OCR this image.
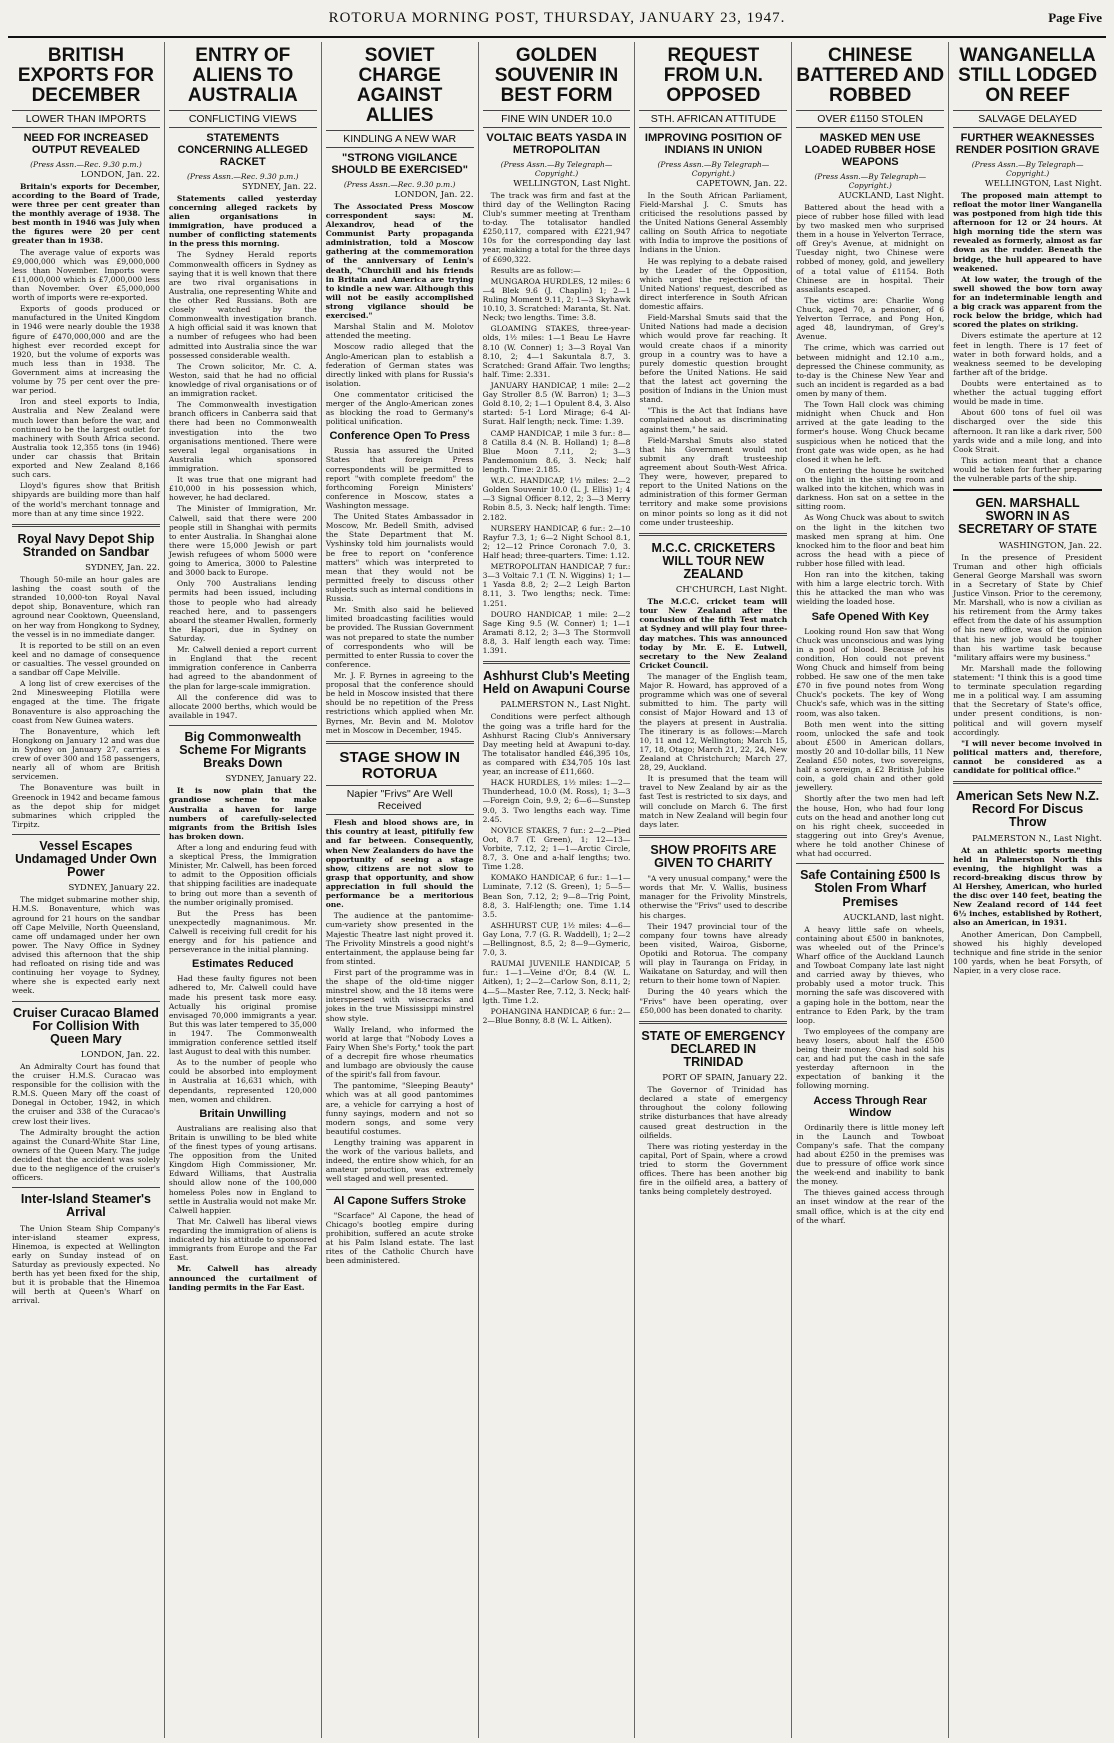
ROTORUA MORNING POST, THURSDAY, JANUARY 23, 1947.	Page Five
BRITISH EXPORTS FOR DECEMBER
LOWER THAN IMPORTS
NEED FOR INCREASED OUTPUT REVEALED
(Press Assn.—Rec. 9.30 p.m.)
LONDON, Jan. 22.

Britain's exports for December, according to the Board of Trade, were three per cent greater than the monthly average of 1938. The best month in 1946 was July when the figures were 20 per cent greater than in 1938.

The average value of exports was £9,000,000 which was £9,000,000 less than November. Imports were £11,000,000 which is £7,000,000 less than November. Over £5,000,000 worth of imports were re-exported.

Exports of goods produced or manufactured in the United Kingdom in 1946 were nearly double the 1938 figure of £470,000,000 and are the highest ever recorded except for 1920, but the volume of exports was much less than in 1938. The Government aims at increasing the volume by 75 per cent over the pre-war period.

Iron and steel exports to India, Australia and New Zealand were much lower than before the war, and continued to be the largest outlet for machinery with South Africa second. Australia took 12,355 tons (in 1946) under car chassis that Britain exported and New Zealand 8,166 such cars.

Lloyd's figures show that British shipyards are building more than half of the world's merchant tonnage and more than at any time since 1922.

Royal Navy Depot Ship Stranded on Sandbar
SYDNEY, Jan. 22.

Though 50-mile an hour gales are lashing the coast south of the stranded 10,000-ton Royal Naval depot ship, Bonaventure, which ran aground near Cooktown, Queensland, on her way from Hongkong to Sydney, the vessel is in no immediate danger.

It is reported to be still on an even keel and no damage of consequence or casualties. The vessel grounded on a sandbar off Cape Melville.

A long list of crew exercises of the 2nd Minesweeping Flotilla were engaged at the time. The frigate Bonaventure is also approaching the coast from New Guinea waters.

The Bonaventure, which left Hongkong on January 12 and was due in Sydney on January 27, carries a crew of over 300 and 158 passengers, nearly all of whom are British servicemen.

The Bonaventure was built in Greenock in 1942 and became famous as the depot ship for midget submarines which crippled the Tirpitz.

Vessel Escapes Undamaged Under Own Power
SYDNEY, January 22.

The midget submarine mother ship, H.M.S. Bonaventure, which was aground for 21 hours on the sandbar off Cape Melville, North Queensland, came off undamaged under her own power. The Navy Office in Sydney advised this afternoon that the ship had refloated on rising tide and was continuing her voyage to Sydney, where she is expected early next week.

Cruiser Curacao Blamed For Collision With Queen Mary
LONDON, Jan. 22.

An Admiralty Court has found that the cruiser H.M.S. Curacao was responsible for the collision with the R.M.S. Queen Mary off the coast of Donegal in October, 1942, in which the cruiser and 338 of the Curacao's crew lost their lives.

The Admiralty brought the action against the Cunard-White Star Line, owners of the Queen Mary. The judge decided that the accident was solely due to the negligence of the cruiser's officers.

Inter-Island Steamer's Arrival

The Union Steam Ship Company's inter-island steamer express, Hinemoa, is expected at Wellington early on Sunday instead of on Saturday as previously expected. No berth has yet been fixed for the ship, but it is probable that the Hinemoa will berth at Queen's Wharf on arrival.

ENTRY OF ALIENS TO AUSTRALIA
CONFLICTING VIEWS
STATEMENTS CONCERNING ALLEGED RACKET
(Press Assn.—Rec. 9.30 p.m.)
SYDNEY, Jan. 22.

Statements called yesterday concerning alleged rackets by alien organisations in immigration, have produced a number of conflicting statements in the press this morning.

The Sydney Herald reports Commonwealth officers in Sydney as saying that it is well known that there are two rival organisations in Australia, one representing White and the other Red Russians. Both are closely watched by the Commonwealth investigation branch. A high official said it was known that a number of refugees who had been admitted into Australia since the war possessed considerable wealth.

The Crown solicitor, Mr. C. A. Weston, said that he had no official knowledge of rival organisations or of an immigration racket.

The Commonwealth investigation branch officers in Canberra said that there had been no Commonwealth investigation into the two organisations mentioned. There were several legal organisations in Australia which sponsored immigration.

It was true that one migrant had £10,000 in his possession which, however, he had declared.

The Minister of Immigration, Mr. Calwell, said that there were 200 people still in Shanghai with permits to enter Australia. In Shanghai alone there were 15,000 Jewish or part Jewish refugees of whom 5000 were going to America, 3000 to Palestine and 3000 back to Europe.

Only 700 Australians lending permits had been issued, including those to people who had already reached here, and to passengers aboard the steamer Hwallen, formerly the Hapori, due in Sydney on Saturday.

Mr. Calwell denied a report current in England that the recent immigration conference in Canberra had agreed to the abandonment of the plan for large-scale immigration.

All the conference did was to allocate 2000 berths, which would be available in 1947.

Big Commonwealth Scheme For Migrants Breaks Down
SYDNEY, January 22.

It is now plain that the grandiose scheme to make Australia a haven for large numbers of carefully-selected migrants from the British Isles has broken down.

After a long and enduring feud with a skeptical Press, the Immigration Minister, Mr. Calwell, has been forced to admit to the Opposition officials that shipping facilities are inadequate to bring out more than a seventh of the number originally promised.

But the Press has been unexpectedly magnanimous. Mr. Calwell is receiving full credit for his energy and for his patience and perseverance in the initial planning.

Estimates Reduced

Had these faulty figures not been adhered to, Mr. Calwell could have made his present task more easy. Actually his original promise envisaged 70,000 immigrants a year. But this was later tempered to 35,000 in 1947. The Commonwealth immigration conference settled itself last August to deal with this number.

As to the number of people who could be absorbed into employment in Australia at 16,631 which, with dependants, represented 120,000 men, women and children.

Britain Unwilling

Australians are realising also that Britain is unwilling to be bled white of the finest types of young artisans. The opposition from the United Kingdom High Commissioner, Mr. Edward Williams, that Australia should allow none of the 100,000 homeless Poles now in England to settle in Australia would not make Mr. Calwell happier.

That Mr. Calwell has liberal views regarding the immigration of aliens is indicated by his attitude to sponsored immigrants from Europe and the Far East.

Mr. Calwell has already announced the curtailment of landing permits in the Far East.

SOVIET CHARGE AGAINST ALLIES
KINDLING A NEW WAR
"STRONG VIGILANCE SHOULD BE EXERCISED"
(Press Assn.—Rec. 9.30 p.m.)
LONDON, Jan. 22.

The Associated Press Moscow correspondent says: M. Alexandrov, head of the Communist Party propaganda administration, told a Moscow gathering at the commemoration of the anniversary of Lenin's death, "Churchill and his friends in Britain and America are trying to kindle a new war. Although this will not be easily accomplished strong vigilance should be exercised."

Marshal Stalin and M. Molotov attended the meeting.

Moscow radio alleged that the Anglo-American plan to establish a federation of German states was directly linked with plans for Russia's isolation.

One commentator criticised the merger of the Anglo-American zones as blocking the road to Germany's political unification.

Conference Open To Press

Russia has assured the United States that foreign Press correspondents will be permitted to report "with complete freedom" the forthcoming Foreign Ministers' conference in Moscow, states a Washington message.

The United States Ambassador in Moscow, Mr. Bedell Smith, advised the State Department that M. Vyshinsky told him journalists would be free to report on "conference matters" which was interpreted to mean that they would not be permitted freely to discuss other subjects such as internal conditions in Russia.

Mr. Smith also said he believed limited broadcasting facilities would be provided. The Russian Government was not prepared to state the number of correspondents who will be permitted to enter Russia to cover the conference.

Mr. J. F. Byrnes in agreeing to the proposal that the conference should be held in Moscow insisted that there should be no repetition of the Press restrictions which applied when Mr. Byrnes, Mr. Bevin and M. Molotov met in Moscow in December, 1945.

STAGE SHOW IN ROTORUA
Napier "Frivs" Are Well Received

Flesh and blood shows are, in this country at least, pitifully few and far between. Consequently, when New Zealanders do have the opportunity of seeing a stage show, citizens are not slow to grasp that opportunity, and show appreciation in full should the performance be a meritorious one.

The audience at the pantomime-cum-variety show presented in the Majestic Theatre last night proved it. The Frivolity Minstrels a good night's entertainment, the applause being far from stinted.

First part of the programme was in the shape of the old-time nigger minstrel show, and the 18 items were interspersed with wisecracks and jokes in the true Mississippi minstrel show style.

Wally Ireland, who informed the world at large that "Nobody Loves a Fairy When She's Forty," took the part of a decrepit fire whose rheumatics and lumbago are obviously the cause of the spirit's fall from favour.

The pantomime, "Sleeping Beauty" which was at all good pantomimes are, a vehicle for carrying a host of funny sayings, modern and not so modern songs, and some very beautiful costumes.

Lengthy training was apparent in the work of the various ballets, and indeed, the entire show which, for an amateur production, was extremely well staged and well presented.

Al Capone Suffers Stroke

"Scarface" Al Capone, the head of Chicago's bootleg empire during prohibition, suffered an acute stroke at his Palm Island estate. The last rites of the Catholic Church have been administered.

GOLDEN SOUVENIR IN BEST FORM
FINE WIN UNDER 10.0
VOLTAIC BEATS YASDA IN METROPOLITAN
(Press Assn.—By Telegraph—Copyright.)
WELLINGTON, Last Night.

The track was firm and fast at the third day of the Wellington Racing Club's summer meeting at Trentham to-day. The totalisator handled £250,117, compared with £221,947 10s for the corresponding day last year, making a total for the three days of £690,322.

Results are as follow:—

MUNGAROA HURDLES, 12 miles: 6—4 Blek 9.6 (J. Chaplin) 1; 2—1 Ruling Moment 9.11, 2; 1—3 Skyhawk 10.10, 3. Scratched: Maranta, St. Nat. Neck; two lengths. Time: 3.8.

GLOAMING STAKES, three-year-olds, 1½ miles: 1—1 Beau Le Havre 8.10 (W. Conner) 1; 3—3 Royal Van 8.10, 2; 4—1 Sakuntala 8.7, 3. Scratched: Grand Affair. Two lengths; half. Time: 2.331.

JANUARY HANDICAP, 1 mile: 2—2 Gay Stroller 8.5 (W. Barron) 1; 3—3 Gold 8.10, 2; 1—1 Opulent 8.4, 3. Also started: 5-1 Lord Mirage; 6-4 Al-Surat. Half length; neck. Time: 1.39.

CAMP HANDICAP, 1 mile 3 fur.: 8—8 Catilla 8.4 (N. B. Holland) 1; 8—8 Blue Moon 7.11, 2; 3—3 Pandemonium 8.6, 3. Neck; half length. Time: 2.185.

W.R.C. HANDICAP, 1½ miles: 2—2 Golden Souvenir 10.0 (L. J. Ellis) 1; 4—3 Signal Officer 8.12, 2; 3—3 Merry Robin 8.5, 3. Neck; half length. Time: 2.182.

NURSERY HANDICAP, 6 fur.: 2—10 Rayfur 7.3, 1; 6—2 Night School 8.1, 2; 12—12 Prince Coronach 7.0, 3. Half head; three-quarters. Time: 1.12.

METROPOLITAN HANDICAP, 7 fur.: 3—3 Voltaic 7.1 (T. N. Wiggins) 1; 1—1 Yasda 8.8, 2; 2—2 Leigh Barton 8.11, 3. Two lengths; neck. Time: 1.251.

DOURO HANDICAP, 1 mile: 2—2 Sage King 9.5 (W. Conner) 1; 1—1 Aramati 8.12, 2; 3—3 The Stormvoll 8.8, 3. Half length each way. Time: 1.391.

Ashhurst Club's Meeting Held on Awapuni Course
PALMERSTON N., Last Night.

Conditions were perfect although the going was a trifle hard for the Ashhurst Racing Club's Anniversary Day meeting held at Awapuni to-day. The totalisator handled £46,395 10s, as compared with £34,705 10s last year, an increase of £11,660.

HACK HURDLES, 1½ miles: 1—2—Thunderhead, 10.0 (M. Ross), 1; 3—3—Foreign Coin, 9.9, 2; 6—6—Sunstep 9.0, 3. Two lengths each way. Time 2.45.

NOVICE STAKES, 7 fur.: 2—2—Pied Oot, 8.7 (T. Green), 1; 12—13—Vorbite, 7.12, 2; 1—1—Arctic Circle, 8.7, 3. One and a-half lengths; two. Time 1.28.

KOMAKO HANDICAP, 6 fur.: 1—1—Luminate, 7.12 (S. Green), 1; 5—5—Bean Son, 7.12, 2; 9—8—Trig Point, 8.8, 3. Half-length; one. Time 1.14 3.5.

ASHHURST CUP, 1½ miles: 4—6—Gay Lona, 7.7 (G. R. Waddell), 1; 2—2—Bellingnost, 8.5, 2; 8—9—Gymeric, 7.0, 3.

RAUMAI JUVENILE HANDICAP, 5 fur.: 1—1—Veine d'Or, 8.4 (W. L. Aitken), 1; 2—2—Carlow Son, 8.11, 2; 4—5—Master Ree, 7.12, 3. Neck; half-lgth. Time 1.2.

POHANGINA HANDICAP, 6 fur.: 2—2—Blue Bonny, 8.8 (W. L. Aitken).

REQUEST FROM U.N. OPPOSED
STH. AFRICAN ATTITUDE
IMPROVING POSITION OF INDIANS IN UNION
(Press Assn.—By Telegraph—Copyright.)
CAPETOWN, Jan. 22.

In the South African Parliament, Field-Marshal J. C. Smuts has criticised the resolutions passed by the United Nations General Assembly calling on South Africa to negotiate with India to improve the positions of Indians in the Union.

He was replying to a debate raised by the Leader of the Opposition, which urged the rejection of the United Nations' request, described as direct interference in South African domestic affairs.

Field-Marshal Smuts said that the United Nations had made a decision which would prove far reaching. It would create chaos if a minority group in a country was to have a purely domestic question brought before the United Nations. He said that the latest act governing the position of Indians in the Union must stand.

"This is the Act that Indians have complained about as discriminating against them," he said.

Field-Marshal Smuts also stated that his Government would not submit any draft trusteeship agreement about South-West Africa. They were, however, prepared to report to the United Nations on the administration of this former German territory and make some provisions on minor points so long as it did not come under trusteeship.

M.C.C. CRICKETERS WILL TOUR NEW ZEALAND
CH'CHURCH, Last Night.

The M.C.C. cricket team will tour New Zealand after the conclusion of the fifth Test match at Sydney and will play four three-day matches. This was announced today by Mr. E. E. Lutwell, secretary to the New Zealand Cricket Council.

The manager of the English team, Major R. Howard, has approved of a programme which was one of several submitted to him. The party will consist of Major Howard and 13 of the players at present in Australia. The itinerary is as follows:—March 10, 11 and 12, Wellington; March 15, 17, 18, Otago; March 21, 22, 24, New Zealand at Christchurch; March 27, 28, 29, Auckland.

It is presumed that the team will travel to New Zealand by air as the fast Test is restricted to six days, and will conclude on March 6. The first match in New Zealand will begin four days later.

SHOW PROFITS ARE GIVEN TO CHARITY

"A very unusual company," were the words that Mr. V. Wallis, business manager for the Frivolity Minstrels, otherwise the "Frivs" used to describe his charges.

Their 1947 provincial tour of the company four towns have already been visited, Wairoa, Gisborne, Opotiki and Rotorua. The company will play in Tauranga on Friday, in Waikatane on Saturday, and will then return to their home town of Napier.

During the 40 years which the "Frivs" have been operating, over £50,000 has been donated to charity.

STATE OF EMERGENCY DECLARED IN TRINIDAD
PORT OF SPAIN, January 22.

The Governor of Trinidad has declared a state of emergency throughout the colony following strike disturbances that have already caused great destruction in the oilfields.

There was rioting yesterday in the capital, Port of Spain, where a crowd tried to storm the Government offices. There has been another big fire in the oilfield area, a battery of tanks being completely destroyed.

CHINESE BATTERED AND ROBBED
OVER £1150 STOLEN
MASKED MEN USE LOADED RUBBER HOSE WEAPONS
(Press Assn.—By Telegraph—Copyright.)
AUCKLAND, Last Night.

Battered about the head with a piece of rubber hose filled with lead by two masked men who surprised them in a house in Yelverton Terrace, off Grey's Avenue, at midnight on Tuesday night, two Chinese were robbed of money, gold, and jewellery of a total value of £1154. Both Chinese are in hospital. Their assailants escaped.

The victims are: Charlie Wong Chuck, aged 70, a pensioner, of 6 Yelverton Terrace, and Pong Hon, aged 48, laundryman, of Grey's Avenue.

The crime, which was carried out between midnight and 12.10 a.m., depressed the Chinese community, as to-day is the Chinese New Year and such an incident is regarded as a bad omen by many of them.

The Town Hall clock was chiming midnight when Chuck and Hon arrived at the gate leading to the former's house. Wong Chuck became suspicious when he noticed that the front gate was wide open, as he had closed it when he left.

On entering the house he switched on the light in the sitting room and walked into the kitchen, which was in darkness. Hon sat on a settee in the sitting room.

As Wong Chuck was about to switch on the light in the kitchen two masked men sprang at him. One knocked him to the floor and beat him across the head with a piece of rubber hose filled with lead.

Hon ran into the kitchen, taking with him a large electric torch. With this he attacked the man who was wielding the loaded hose.

Safe Opened With Key

Looking round Hon saw that Wong Chuck was unconscious and was lying in a pool of blood. Because of his condition, Hon could not prevent Wong Chuck and himself from being robbed. He saw one of the men take £70 in five pound notes from Wong Chuck's pockets. The key of Wong Chuck's safe, which was in the sitting room, was also taken.

Both men went into the sitting room, unlocked the safe and took about £500 in American dollars, mostly 20 and 10-dollar bills, 11 New Zealand £50 notes, two sovereigns, half a sovereign, a £2 British Jubilee coin, a gold chain and other gold jewellery.

Shortly after the two men had left the house, Hon, who had four long cuts on the head and another long cut on his right cheek, succeeded in staggering out into Grey's Avenue, where he told another Chinese of what had occurred.

Safe Containing £500 Is Stolen From Wharf Premises
AUCKLAND, last night.

A heavy little safe on wheels, containing about £500 in banknotes, was wheeled out of the Prince's Wharf office of the Auckland Launch and Towboat Company late last night and carried away by thieves, who probably used a motor truck. This morning the safe was discovered with a gaping hole in the bottom, near the entrance to Eden Park, by the tram loop.

Two employees of the company are heavy losers, about half the £500 being their money. One had sold his car, and had put the cash in the safe yesterday afternoon in the expectation of banking it the following morning.

Access Through Rear Window

Ordinarily there is little money left in the Launch and Towboat Company's safe. That the company had about £250 in the premises was due to pressure of office work since the week-end and inability to bank the money.

The thieves gained access through an inset window at the rear of the small office, which is at the city end of the wharf.

WANGANELLA STILL LODGED ON REEF
SALVAGE DELAYED
FURTHER WEAKNESSES RENDER POSITION GRAVE
(Press Assn.—By Telegraph—Copyright.)
WELLINGTON, Last Night.

The proposed main attempt to refloat the motor liner Wanganella was postponed from high tide this afternoon for 12 or 24 hours. At high morning tide the stern was revealed as formerly, almost as far down as the rudder. Beneath the bridge, the hull appeared to have weakened.

At low water, the trough of the swell showed the bow torn away for an indeterminable length and a big crack was apparent from the rock below the bridge, which had scored the plates on striking.

Divers estimate the aperture at 12 feet in length. There is 17 feet of water in both forward holds, and a weakness seemed to be developing farther aft of the bridge.

Doubts were entertained as to whether the actual tugging effort would be made in time.

About 600 tons of fuel oil was discharged over the side this afternoon. It ran like a dark river, 500 yards wide and a mile long, and into Cook Strait.

This action meant that a chance would be taken for further preparing the vulnerable parts of the ship.

GEN. MARSHALL SWORN IN AS SECRETARY OF STATE
WASHINGTON, Jan. 22.

In the presence of President Truman and other high officials General George Marshall was sworn in a Secretary of State by Chief Justice Vinson. Prior to the ceremony, Mr. Marshall, who is now a civilian as his retirement from the Army takes effect from the date of his assumption of his new office, was of the opinion that his new job would be tougher than his wartime task because "military affairs were my business."

Mr. Marshall made the following statement: "I think this is a good time to terminate speculation regarding me in a political way. I am assuming that the Secretary of State's office, under present conditions, is non-political and will govern myself accordingly.

"I will never become involved in political matters and, therefore, cannot be considered as a candidate for political office."

American Sets New N.Z. Record For Discus Throw
PALMERSTON N., Last Night.

At an athletic sports meeting held in Palmerston North this evening, the highlight was a record-breaking discus throw by Al Hershey, American, who hurled the disc over 140 feet, beating the New Zealand record of 144 feet 6½ inches, established by Rothert, also an American, in 1931.

Another American, Don Campbell, showed his highly developed technique and fine stride in the senior 100 yards, when he beat Forsyth, of Napier, in a very close race.
